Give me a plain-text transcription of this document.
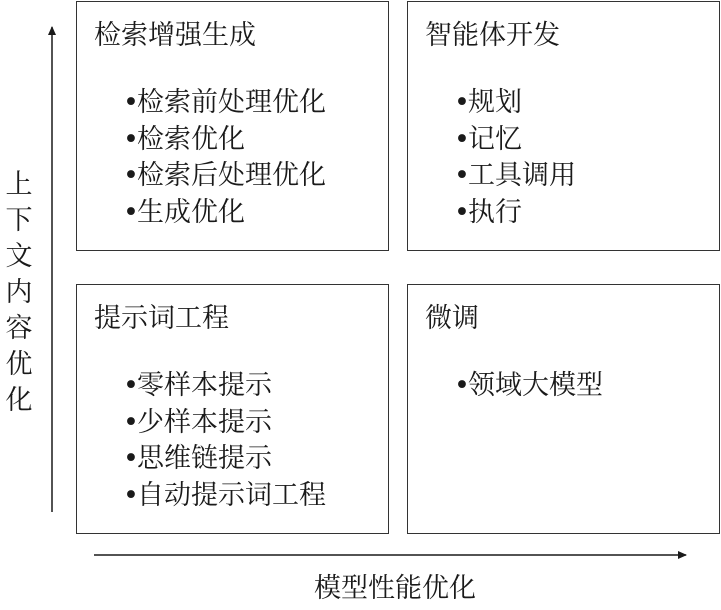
上下文内容优化
模型性能优化
检索增强生成
•检索前处理优化
•检索优化
•检索后处理优化
•生成优化
智能体开发
•规划
•记忆
•工具调用
•执行
提示词工程
•零样本提示
•少样本提示
•思维链提示
•自动提示词工程
微调
•领域大模型
